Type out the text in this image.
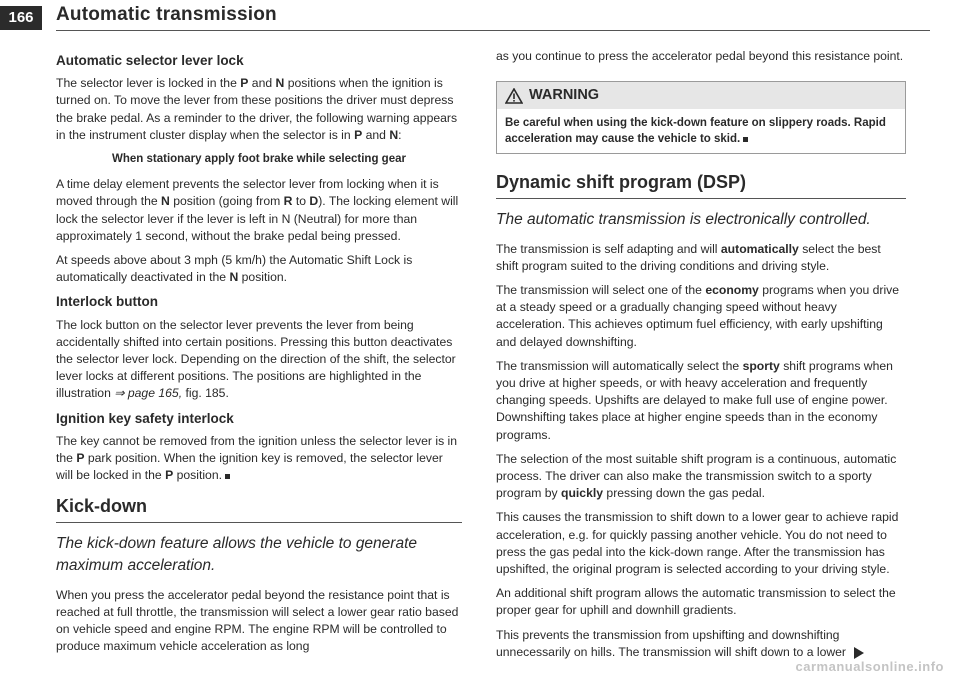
166	Automatic transmission
Automatic selector lever lock

The selector lever is locked in the P and N positions when the ignition is turned on. To move the lever from these positions the driver must depress the brake pedal. As a reminder to the driver, the following warning appears in the instrument cluster display when the selector is in P and N:

When stationary apply foot brake while selecting gear

A time delay element prevents the selector lever from locking when it is moved through the N position (going from R to D). The locking element will lock the selector lever if the lever is left in N (Neutral) for more than approximately 1 second, without the brake pedal being pressed.

At speeds above about 3 mph (5 km/h) the Automatic Shift Lock is automatically deactivated in the N position.

Interlock button

The lock button on the selector lever prevents the lever from being accidentally shifted into certain positions. Pressing this button deactivates the selector lever lock. Depending on the direction of the shift, the selector lever locks at different positions. The positions are highlighted in the illustration ⇒ page 165, fig. 185.

Ignition key safety interlock

The key cannot be removed from the ignition unless the selector lever is in the P park position. When the ignition key is removed, the selector lever will be locked in the P position.

Kick-down
The kick-down feature allows the vehicle to generate maximum acceleration.

When you press the accelerator pedal beyond the resistance point that is reached at full throttle, the transmission will select a lower gear ratio based on vehicle speed and engine RPM. The engine RPM will be controlled to produce maximum vehicle acceleration as long

as you continue to press the accelerator pedal beyond this resistance point.

WARNING
Be careful when using the kick-down feature on slippery roads. Rapid acceleration may cause the vehicle to skid.
Dynamic shift program (DSP)
The automatic transmission is electronically controlled.

The transmission is self adapting and will automatically select the best shift program suited to the driving conditions and driving style.

The transmission will select one of the economy programs when you drive at a steady speed or a gradually changing speed without heavy acceleration. This achieves optimum fuel efficiency, with early upshifting and delayed downshifting.

The transmission will automatically select the sporty shift programs when you drive at higher speeds, or with heavy acceleration and frequently changing speeds. Upshifts are delayed to make full use of engine power. Downshifting takes place at higher engine speeds than in the economy programs.

The selection of the most suitable shift program is a continuous, automatic process. The driver can also make the transmission switch to a sporty program by quickly pressing down the gas pedal.

This causes the transmission to shift down to a lower gear to achieve rapid acceleration, e.g. for quickly passing another vehicle. You do not need to press the gas pedal into the kick-down range. After the transmission has upshifted, the original program is selected according to your driving style.

An additional shift program allows the automatic transmission to select the proper gear for uphill and downhill gradients.

This prevents the transmission from upshifting and downshifting unnecessarily on hills. The transmission will shift down to a lower

carmanualsonline.info
